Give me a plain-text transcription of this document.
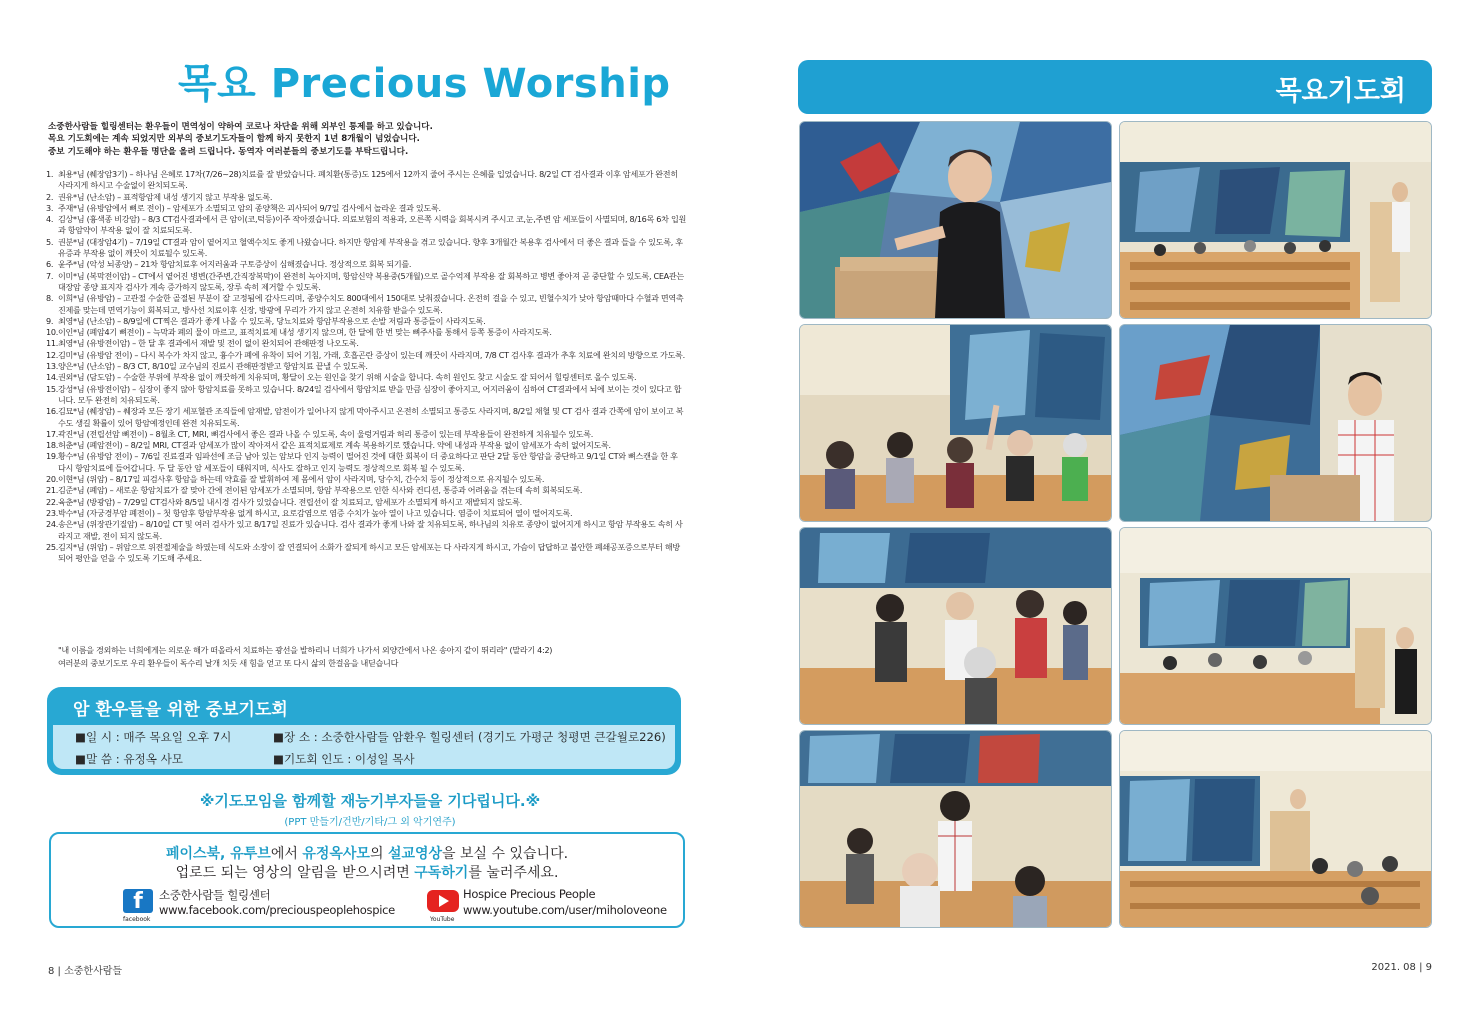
목요 Precious Worship
소중한사람들 힐링센터는 환우들이 면역성이 약하여 코로나 차단을 위해 외부인 통제를 하고 있습니다.
목요 기도회에는 계속 되었지만 외부의 중보기도자들이 함께 하지 못한지 1년 8개월이 넘었습니다.
중보 기도해야 하는 환우들 명단을 올려 드립니다. 동역자 여러분들의 중보기도를 부탁드립니다.
1. 최용*님 (췌장암3기) – 하나님 은혜로 17차(7/26~28)치료를 잘 받았습니다. 폐치환(통증)도 125에서 12까지 줄어 주시는 은혜를 입었습니다. 8/2일 CT 검사결과 이후 암세포가 완전히 사라지게 하시고 수술없이 완치되도록.
2. 권유*님 (난소암) – 표적항암제 내성 생기지 않고 부작용 없도록.
3. 주재*님 (유방암에서 뼈로 전이) – 암세포가 소멸되고 암의 종양책은 괴사되어 9/7일 검사에서 놀라운 결과 있도록.
4. 김상*님 (흉색종 비강암) – 8/3 CT검사결과에서 큰 암이(코,턱등)이주 작아졌습니다. 의료보험의 적용과, 오른쪽 시력을 회복시켜 주시고 코,눈,주변 암 세포들이 사멸되며, 8/16목 6차 입원과 항암약이 부작용 없이 잘 치료되도록.
5. 권분*님 (대장암4기) – 7/19일 CT결과 암이 옅어지고 혈액수치도 좋게 나왔습니다. 하지만 항암제 부작용을 겪고 있습니다. 향후 3개월간 복용후 검사에서 더 좋은 결과 들을 수 있도록, 후유증과 부작용 없이 깨끗이 치료될수 있도록.
6. 윤주*님 (악성 뇌종양) – 21차 항암치료후 어지러움과 구토증상이 심해졌습니다. 정상적으로 회복 되기를.
7. 이미*님 (복막전이암) – CT에서 옅어진 병변(간주변,간직장복막)이 완전히 녹아지며, 항암신약 복용중(5개월)으로 골수억제 부작용 잘 회복하고 병변 좋아져 곧 중단할 수 있도록, CEA관는 대장암 종양 표지자 검사가 계속 증가하지 않도록, 장루 속히 제거할 수 있도록.
8. 이희*님 (유방암) – 고관절 수술한 골절된 부분이 잘 고정됨에 감사드리며, 종양수치도 800대에서 150대로 낮춰졌습니다. 온전히 걸을 수 있고, 빈혈수치가 낮아 항암때마다 수혈과 면역촉진제를 맞는데 면역기능이 회복되고, 방사선 치료이후 신장, 방광에 무리가 가지 않고 온전히 치유함 받을수 있도록.
9. 최영*님 (난소암) – 8/9일에 CT찍은 결과가 좋게 나올 수 있도록, 당뇨치료와 항암부작용으로 손발 저림과 통증들이 사라지도록.
10. 이인*님 (폐암4기 뼈전이) – 늑막과 폐의 물이 마르고, 표적치료제 내성 생기지 않으며, 한 달에 한 번 맞는 뼈주사를 통해서 등쪽 통증이 사라지도록.
11. 최영*님 (유방전이암) – 한 달 후 결과에서 재발 및 전이 없이 완치되어 관해판정 나오도록.
12. 김미*님 (유방암 전이) – 다시 복수가 차지 않고, 흉수가 폐에 유착이 되어 기침, 가래, 호흡곤란 증상이 있는데 깨끗이 사라지며, 7/8 CT 검사후 결과가 추후 치료에 완치의 방향으로 가도록.
13. 양은*님 (난소암) – 8/3 CT, 8/10일 교수님의 진료시 관해판정받고 항암치료 끝낼 수 있도록.
14. 권외*님 (담도암) – 수술한 부위에 부작용 없이 깨끗하게 치유되며, 황달이 오는 원인을 찾기 위해 시술을 합니다. 속히 원인도 찾고 시술도 잘 되어서 힐링센터로 올수 있도록.
15. 강성*님 (유방전이암) – 심장이 좋지 않아 항암치료를 못하고 있습니다. 8/24일 검사에서 항암치료 받을 만큼 심장이 좋아지고, 어지러움이 심하여 CT결과에서 뇌에 보이는 것이 있다고 합니다. 모두 완전히 치유되도록.
16. 김묘*님 (췌장암) – 췌장과 모든 장기 세포혈관 조직들에 암재발, 암전이가 일어나지 않게 막아주시고 온전히 소멸되고 통증도 사라지며, 8/2일 채혈 및 CT 검사 결과 간쪽에 암이 보이고 복수도 생길 확률이 있어 항암예정인데 완전 치유되도록.
17. 곽진*님 (전립선암 뼈전이) – 8월초 CT, MRI, 뼈검사에서 좋은 결과 나올 수 있도록, 속이 울렁거림과 허리 통증이 있는데 부작용들이 완전하게 치유될수 있도록.
18. 허춘*님 (폐암전이) – 8/2일 MRI, CT결과 암세포가 많이 작아져서 같은 표적치료제로 계속 복용하기로 했습니다. 약에 내성과 부작용 없이 암세포가 속히 없어지도록.
19. 황수*님 (유방암 전이) – 7/6일 진료결과 임파선에 조금 남아 있는 암보다 인지 능력이 떨어진 것에 대한 회복이 더 중요하다고 판단 2달 동안 항암을 중단하고 9/1일 CT와 뼈스캔을 한 후 다시 항암치료에 들어갑니다. 두 달 동안 암 세포들이 태워지며, 식사도 잘하고 인지 능력도 정상적으로 회복 될 수 있도록.
20. 이현*님 (위암) – 8/17일 피검사후 항암을 하는데 약효를 잘 발휘하여 제 몸에서 암이 사라지며, 당수치, 간수치 등이 정상적으로 유지될수 있도록.
21. 김준*님 (폐암) – 새로운 항암치료가 잘 맞아 간에 전이된 암세포가 소멸되며, 항암 부작용으로 인한 식사와 컨디션, 통증과 어려움을 겪는데 속히 회복되도록.
22. 육춘*님 (방광암) – 7/29일 CT검사와 8/5일 내시경 검사가 있었습니다. 전립선이 잘 치료되고, 암세포가 소멸되게 하시고 재발되지 않도록.
23. 박수*님 (자궁경부암 폐전이) – 첫 항암후 항암부작용 없게 하시고, 요로감염으로 염증 수치가 높아 열이 나고 있습니다. 염증이 치료되어 열이 떨어지도록.
24. 송은*님 (위장관기질암) – 8/10일 CT 및 여러 검사가 있고 8/17일 진료가 있습니다. 검사 결과가 좋게 나와 잘 치유되도록, 하나님의 치유로 종양이 없어지게 하시고 항암 부작용도 속히 사라지고 재발, 전이 되지 않도록.
25. 김지*님 (위암) – 위암으로 위전절제술을 하였는데 식도와 소장이 잘 연결되어 소화가 잘되게 하시고 모든 암세포는 다 사라지게 하시고, 가슴이 답답하고 불안한 폐쇄공포증으로부터 해방되어 평안을 얻을 수 있도록 기도해 주세요.
"내 이름을 경외하는 너희에게는 의로운 해가 떠올라서 치료하는 광선을 발하리니 너희가 나가서 외양간에서 나온 송아지 같이 뛰리라" (말라기 4:2)
여러분의 중보기도로 우리 환우들이 독수리 날개 치듯 새 힘을 얻고 또 다시 삶의 한걸음을 내딛습니다
암 환우들을 위한 중보기도회
■일 시 : 매주 목요일 오후 7시	■장 소 : 소중한사람들 암환우 힐링센터 (경기도 가평군 청평면 큰갈월로226)
■말 씀 : 유정옥 사모	■기도회 인도 : 이성일 목사
※기도모임을 함께할 재능기부자들을 기다립니다.※
(PPT 만들기/건반/기타/그 외 악기연주)
페이스북, 유투브에서 유정옥사모의 설교영상을 보실 수 있습니다.
업로드 되는 영상의 알림을 받으시려면 구독하기를 눌러주세요.
f
facebook
소중한사람들 힐링센터
www.facebook.com/preciouspeoplehospice
YouTube
Hospice Precious People
www.youtube.com/user/miholoveone
8 | 소중한사람들
목요기도회
2021. 08 | 9
